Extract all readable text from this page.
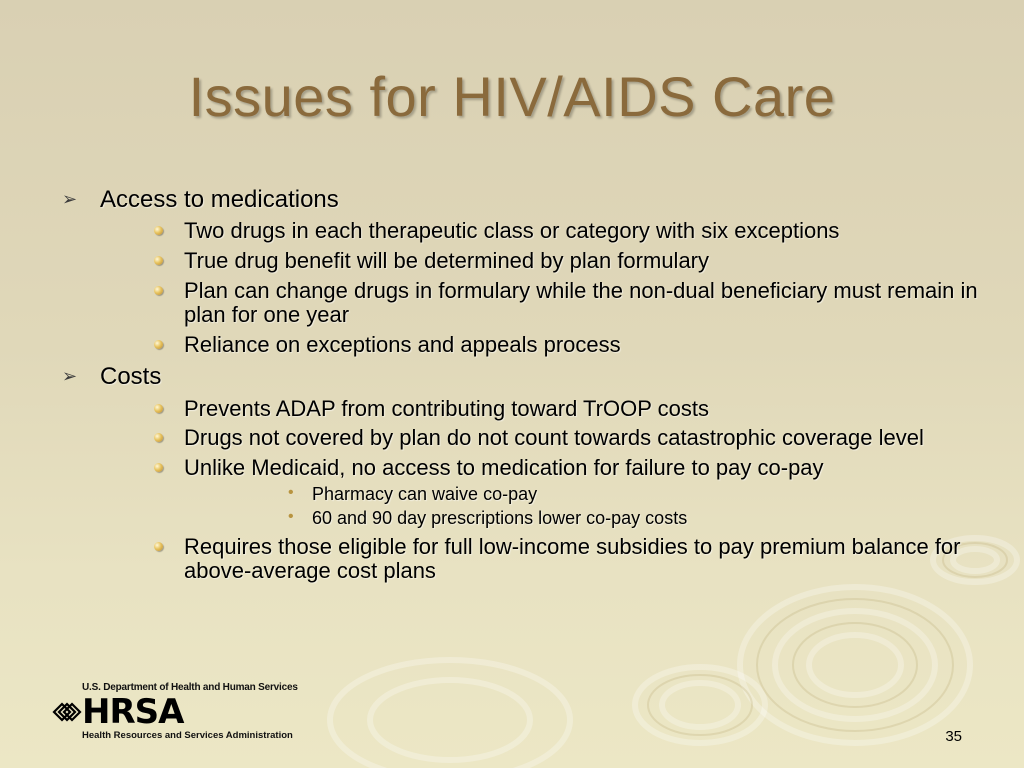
Issues for HIV/AIDS Care
➢ Access to medications
Two drugs in each therapeutic class or category with six exceptions
True drug benefit will be determined by plan formulary
Plan can change drugs in formulary while the non-dual beneficiary must remain in plan for one year
Reliance on exceptions and appeals process
➢ Costs
Prevents ADAP from contributing toward TrOOP costs
Drugs not covered by plan do not count towards catastrophic coverage level
Unlike Medicaid, no access to medication for failure to pay co-pay
• Pharmacy can waive co-pay
• 60 and 90 day prescriptions lower co-pay costs
Requires those eligible for full low-income subsidies to pay premium balance for above-average cost plans
U.S. Department of Health and Human Services
HRSA
Health Resources and Services Administration	35
